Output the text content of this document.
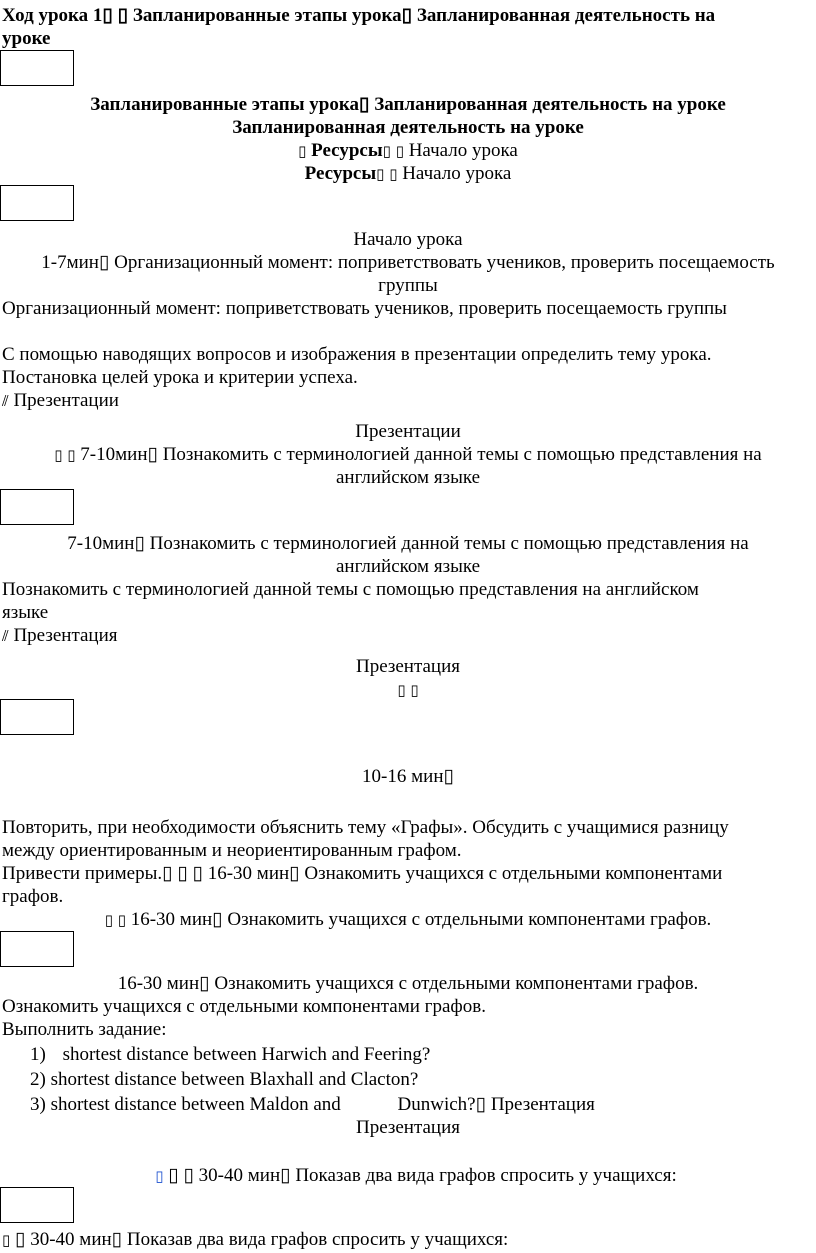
Ход урока 1▯ ▯ Запланированные этапы урока▯ Запланированная деятельность на
уроке
Запланированные этапы урока▯ Запланированная деятельность на уроке
Запланированная деятельность на уроке
▯ Ресурсы▯ ▯ Начало урока
Ресурсы▯ ▯ Начало урока
Начало урока
1-7мин▯ Организационный момент: поприветствовать учеников, проверить посещаемость
группы
Организационный момент: поприветствовать учеников, проверить посещаемость группы
С помощью наводящих вопросов и изображения в презентации определить тему урока.
Постановка целей урока и критерии успеха.
⫽ Презентации
Презентации
▯ ▯ 7-10мин▯ Познакомить с терминологией данной темы с помощью представления на
английском языке
7-10мин▯ Познакомить с терминологией данной темы с помощью представления на
английском языке
Познакомить с терминологией данной темы с помощью представления на английском
языке
⫽ Презентация
Презентация
▯ ▯
10-16 мин▯
Повторить, при необходимости объяснить тему «Графы». Обсудить с учащимися разницу
между ориентированным и неориентированным графом.
Привести примеры.▯ ▯ ▯ 16-30 мин▯ Ознакомить учащихся с отдельными компонентами
графов.
▯ ▯ 16-30 мин▯ Ознакомить учащихся с отдельными компонентами графов.
16-30 мин▯ Ознакомить учащихся с отдельными компонентами графов.
Ознакомить учащихся с отдельными компонентами графов.
Выполнить задание:
1) shortest distance between Harwich and Feering?
2) shortest distance between Blaxhall and Clacton?
3) shortest distance between Maldon and	Dunwich?▯ Презентация
Презентация
▯ ▯ ▯ 30-40 мин▯ Показав два вида графов спросить у учащихся:
▯ ▯ 30-40 мин▯ Показав два вида графов спросить у учащихся:
